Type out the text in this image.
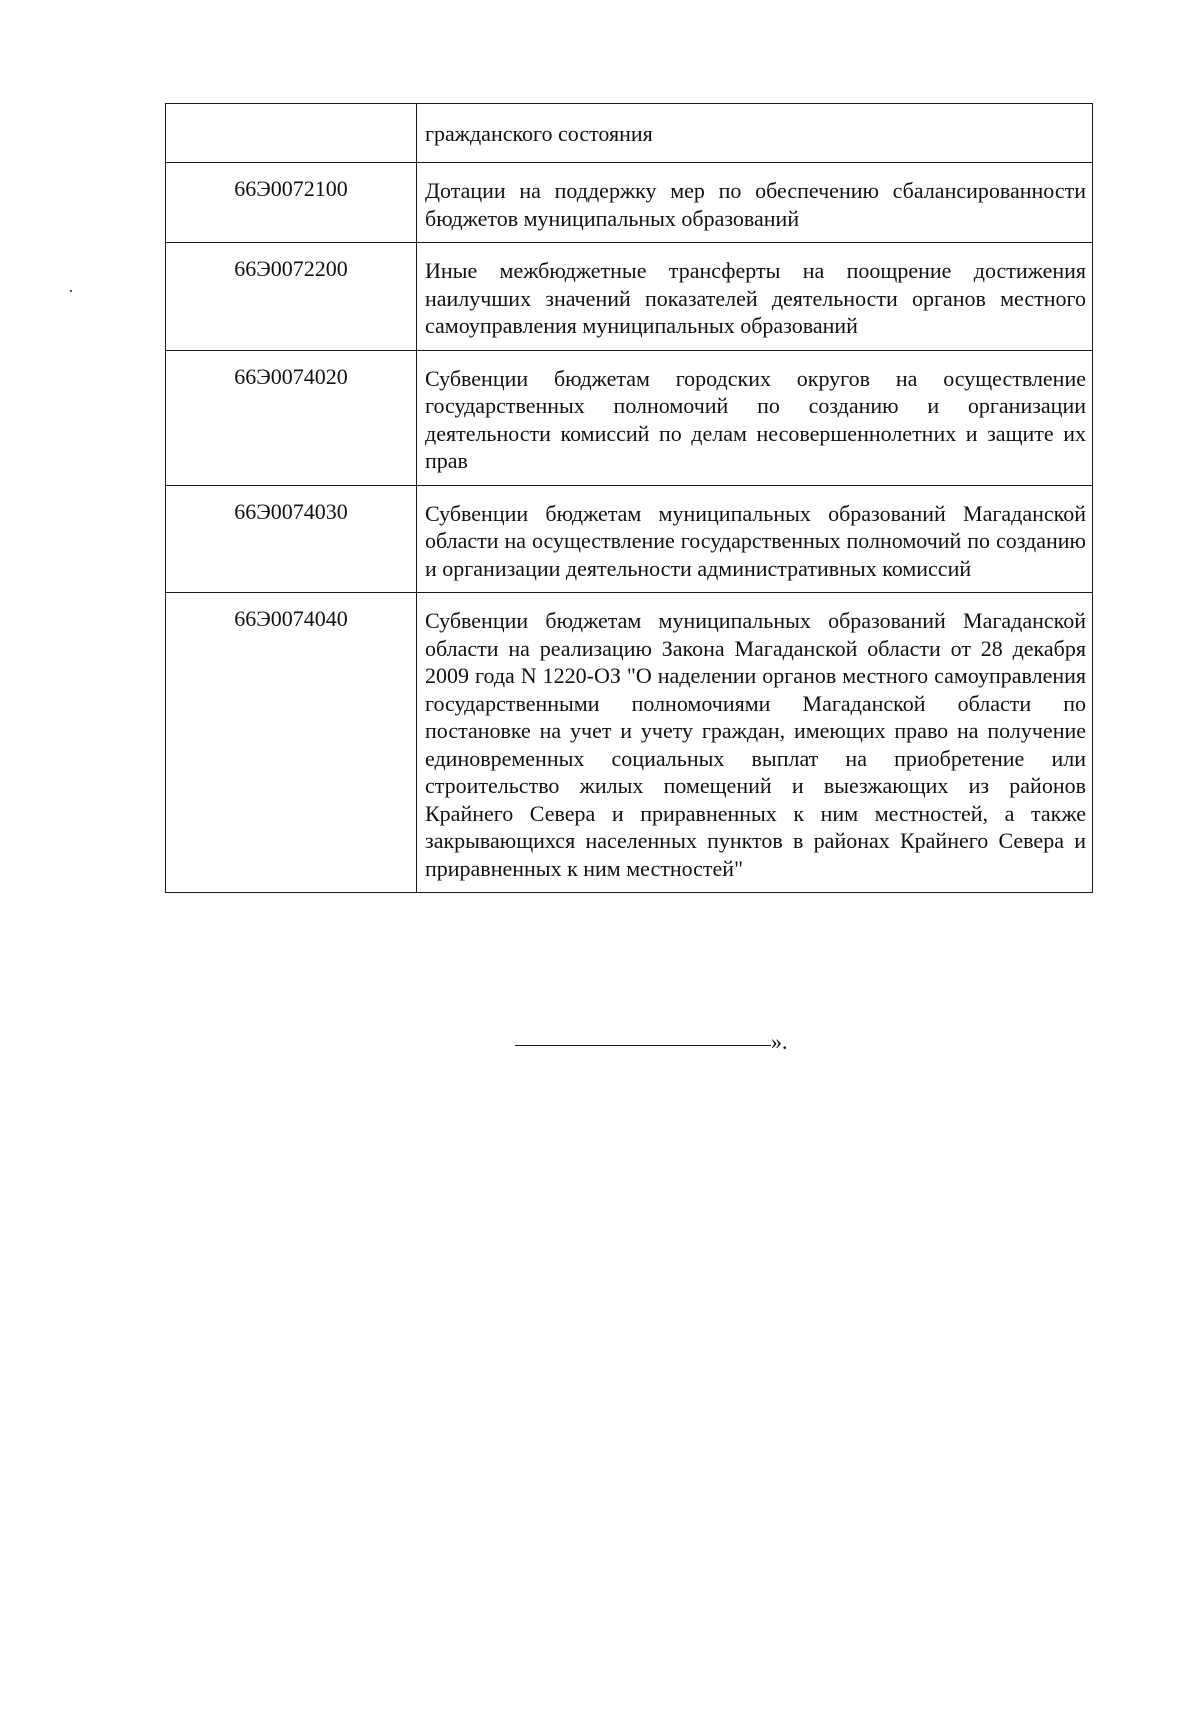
	гражданского состояния
66Э0072100	Дотации на поддержку мер по обеспечению сбалансированности бюджетов муниципальных образований
66Э0072200	Иные межбюджетные трансферты на поощрение достижения наилучших значений показателей деятельности органов местного самоуправления муниципальных образований
66Э0074020	Субвенции бюджетам городских округов на осуществление государственных полномочий по созданию и организации деятельности комиссий по делам несовершеннолетних и защите их прав
66Э0074030	Субвенции бюджетам муниципальных образований Магаданской области на осуществление государственных полномочий по созданию и организации деятельности административных комиссий
66Э0074040	Субвенции бюджетам муниципальных образований Магаданской области на реализацию Закона Магаданской области от 28 декабря 2009 года N 1220-ОЗ "О наделении органов местного самоуправления государственными полномочиями Магаданской области по постановке на учет и учету граждан, имеющих право на получение единовременных социальных выплат на приобретение или строительство жилых помещений и выезжающих из районов Крайнего Севера и приравненных к ним местностей, а также закрывающихся населенных пунктов в районах Крайнего Севера и приравненных к ним местностей"
».
